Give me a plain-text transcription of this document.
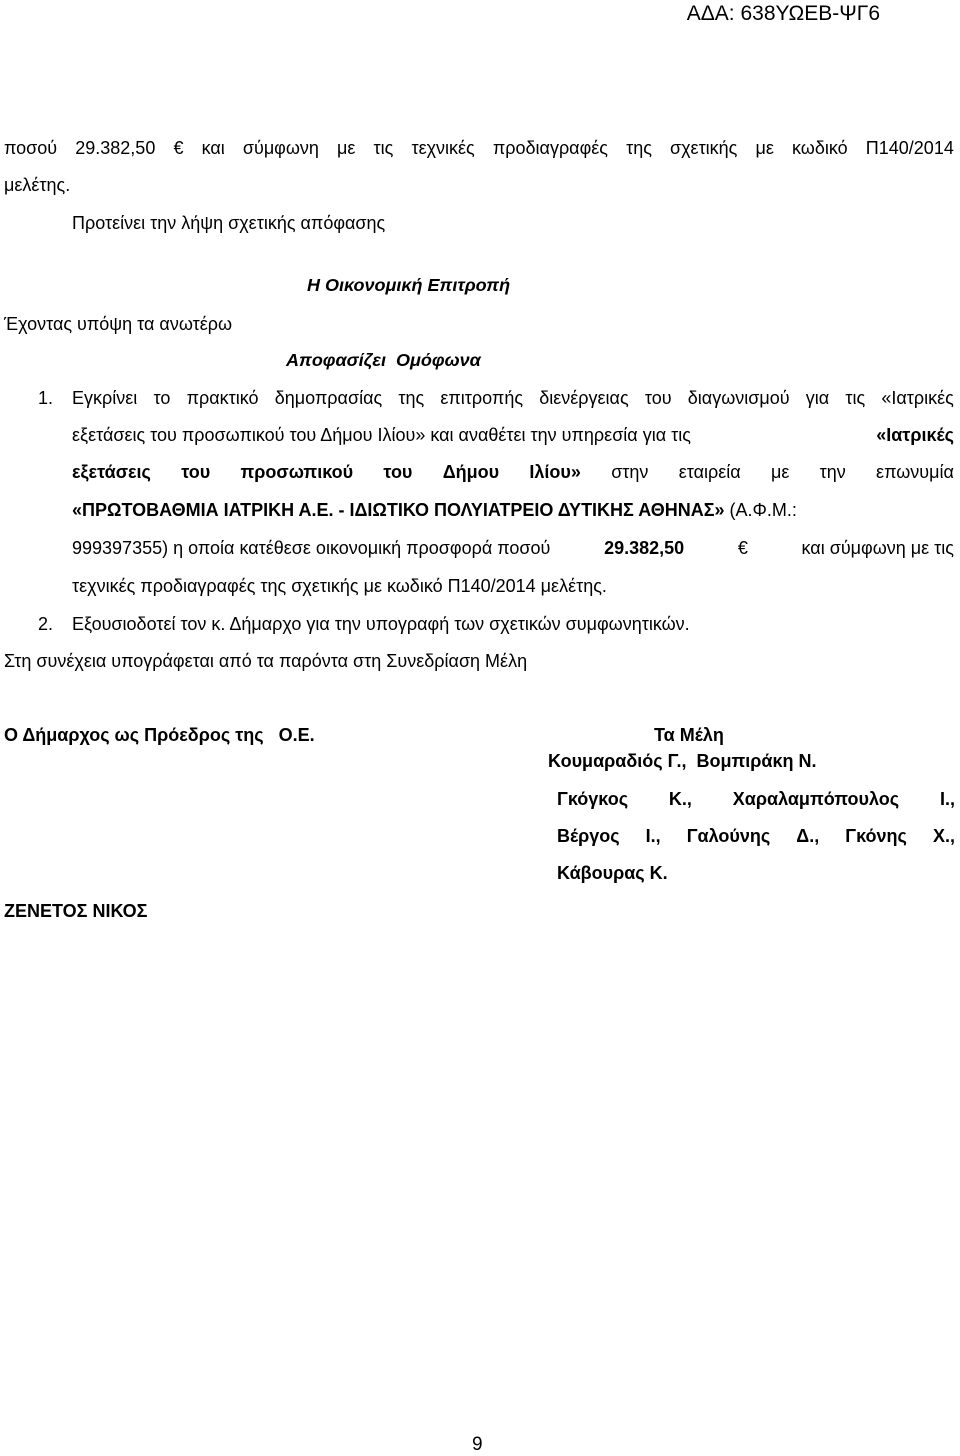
ΑΔΑ: 638ΥΩΕΒ-ΨΓ6
ποσού 29.382,50 € και σύμφωνη με τις τεχνικές προδιαγραφές της σχετικής με κωδικό Π140/2014
μελέτης.
Προτείνει την λήψη σχετικής απόφασης
Η Οικονομική Επιτροπή
Έχοντας υπόψη τα ανωτέρω
Αποφασίζει  Ομόφωνα
1. Εγκρίνει το πρακτικό δημοπρασίας της επιτροπής διενέργειας του διαγωνισμού για τις «Ιατρικές
εξετάσεις του προσωπικού του Δήμου Ιλίου» και αναθέτει την υπηρεσία για τις	«Ιατρικές
εξετάσεις του προσωπικού του Δήμου Ιλίου» στην εταιρεία με την επωνυμία
«ΠΡΩΤΟΒΑΘΜΙΑ ΙΑΤΡΙΚΗ Α.Ε. - ΙΔΙΩΤΙΚΟ ΠΟΛΥΙΑΤΡΕΙΟ ΔΥΤΙΚΗΣ ΑΘΗΝΑΣ» (Α.Φ.Μ.:
999397355) η οποία κατέθεσε οικονομική προσφορά ποσού	29.382,50	€	και σύμφωνη με τις
τεχνικές προδιαγραφές της σχετικής με κωδικό Π140/2014 μελέτης.
2. Εξουσιοδοτεί τον κ. Δήμαρχο για την υπογραφή των σχετικών συμφωνητικών.
Στη συνέχεια υπογράφεται από τα παρόντα στη Συνεδρίαση Μέλη
Ο Δήμαρχος ως Πρόεδρος της   Ο.Ε.
ΖΕΝΕΤΟΣ ΝΙΚΟΣ
Τα Μέλη
Κουμαραδιός Γ.,  Βομπιράκη Ν.
Γκόγκος Κ., Χαραλαμπόπουλος Ι.,
Βέργος Ι., Γαλούνης Δ., Γκόνης Χ.,
Κάβουρας Κ.
9
